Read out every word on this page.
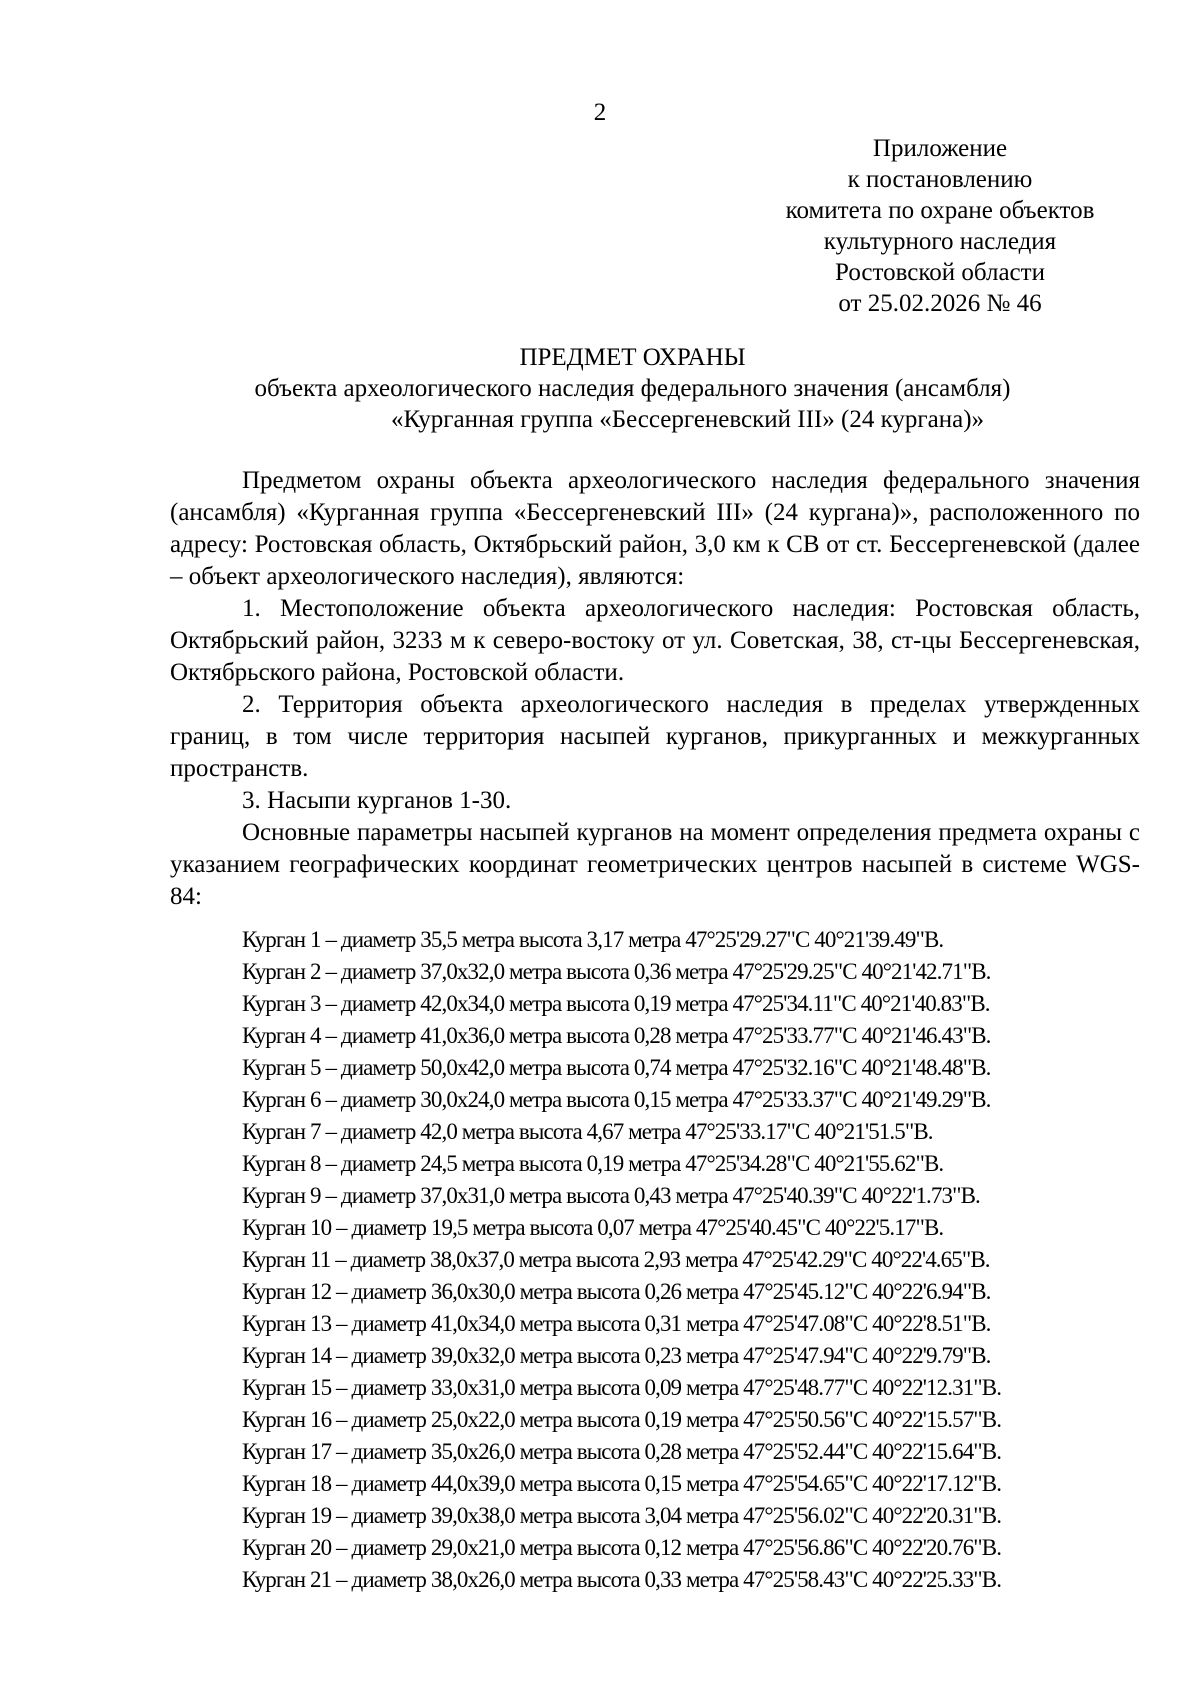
2
Приложение
к постановлению
комитета по охране объектов
культурного наследия
Ростовской области
от 25.02.2026 № 46
ПРЕДМЕТ ОХРАНЫ
объекта археологического наследия федерального значения (ансамбля)
«Курганная группа «Бессергеневский III» (24 кургана)»

Предметом охраны объекта археологического наследия федерального значения (ансамбля) «Курганная группа «Бессергеневский III» (24 кургана)», расположенного по адресу: Ростовская область, Октябрьский район, 3,0 км к СВ от ст. Бессергеневской (далее – объект археологического наследия), являются:

1. Местоположение объекта археологического наследия: Ростовская область, Октябрьский район, 3233 м к северо-востоку от ул. Советская, 38, ст-цы Бессергеневская, Октябрьского района, Ростовской области.

2. Территория объекта археологического наследия в пределах утвержденных границ, в том числе территория насыпей курганов, прикурганных и межкурганных пространств.

3. Насыпи курганов 1-30.

Основные параметры насыпей курганов на момент определения предмета охраны с указанием географических координат геометрических центров насыпей в системе WGS-84:

Курган 1 – диаметр 35,5 метра высота 3,17 метра 47°25'29.27"С 40°21'39.49"В.
Курган 2 – диаметр 37,0х32,0 метра высота 0,36 метра 47°25'29.25"С 40°21'42.71"В.
Курган 3 – диаметр 42,0х34,0 метра высота 0,19 метра 47°25'34.11"С 40°21'40.83"В.
Курган 4 – диаметр 41,0х36,0 метра высота 0,28 метра 47°25'33.77"С 40°21'46.43"В.
Курган 5 – диаметр 50,0х42,0 метра высота 0,74 метра 47°25'32.16"С 40°21'48.48"В.
Курган 6 – диаметр 30,0х24,0 метра высота 0,15 метра 47°25'33.37"С 40°21'49.29"В.
Курган 7 – диаметр 42,0 метра высота 4,67 метра 47°25'33.17"С 40°21'51.5"В.
Курган 8 – диаметр 24,5 метра высота 0,19 метра 47°25'34.28"С 40°21'55.62"В.
Курган 9 – диаметр 37,0х31,0 метра высота 0,43 метра 47°25'40.39"С 40°22'1.73"В.
Курган 10 – диаметр 19,5 метра высота 0,07 метра 47°25'40.45"С 40°22'5.17"В.
Курган 11 – диаметр 38,0х37,0 метра высота 2,93 метра 47°25'42.29"С 40°22'4.65"В.
Курган 12 – диаметр 36,0х30,0 метра высота 0,26 метра 47°25'45.12"С 40°22'6.94"В.
Курган 13 – диаметр 41,0х34,0 метра высота 0,31 метра 47°25'47.08"С 40°22'8.51"В.
Курган 14 – диаметр 39,0х32,0 метра высота 0,23 метра 47°25'47.94"С 40°22'9.79"В.
Курган 15 – диаметр 33,0х31,0 метра высота 0,09 метра 47°25'48.77"С 40°22'12.31"В.
Курган 16 – диаметр 25,0х22,0 метра высота 0,19 метра 47°25'50.56"С 40°22'15.57"В.
Курган 17 – диаметр 35,0х26,0 метра высота 0,28 метра 47°25'52.44"С 40°22'15.64"В.
Курган 18 – диаметр 44,0х39,0 метра высота 0,15 метра 47°25'54.65"С 40°22'17.12"В.
Курган 19 – диаметр 39,0х38,0 метра высота 3,04 метра 47°25'56.02"С 40°22'20.31"В.
Курган 20 – диаметр 29,0х21,0 метра высота 0,12 метра 47°25'56.86"С 40°22'20.76"В.
Курган 21 – диаметр 38,0х26,0 метра высота 0,33 метра 47°25'58.43"С 40°22'25.33"В.
